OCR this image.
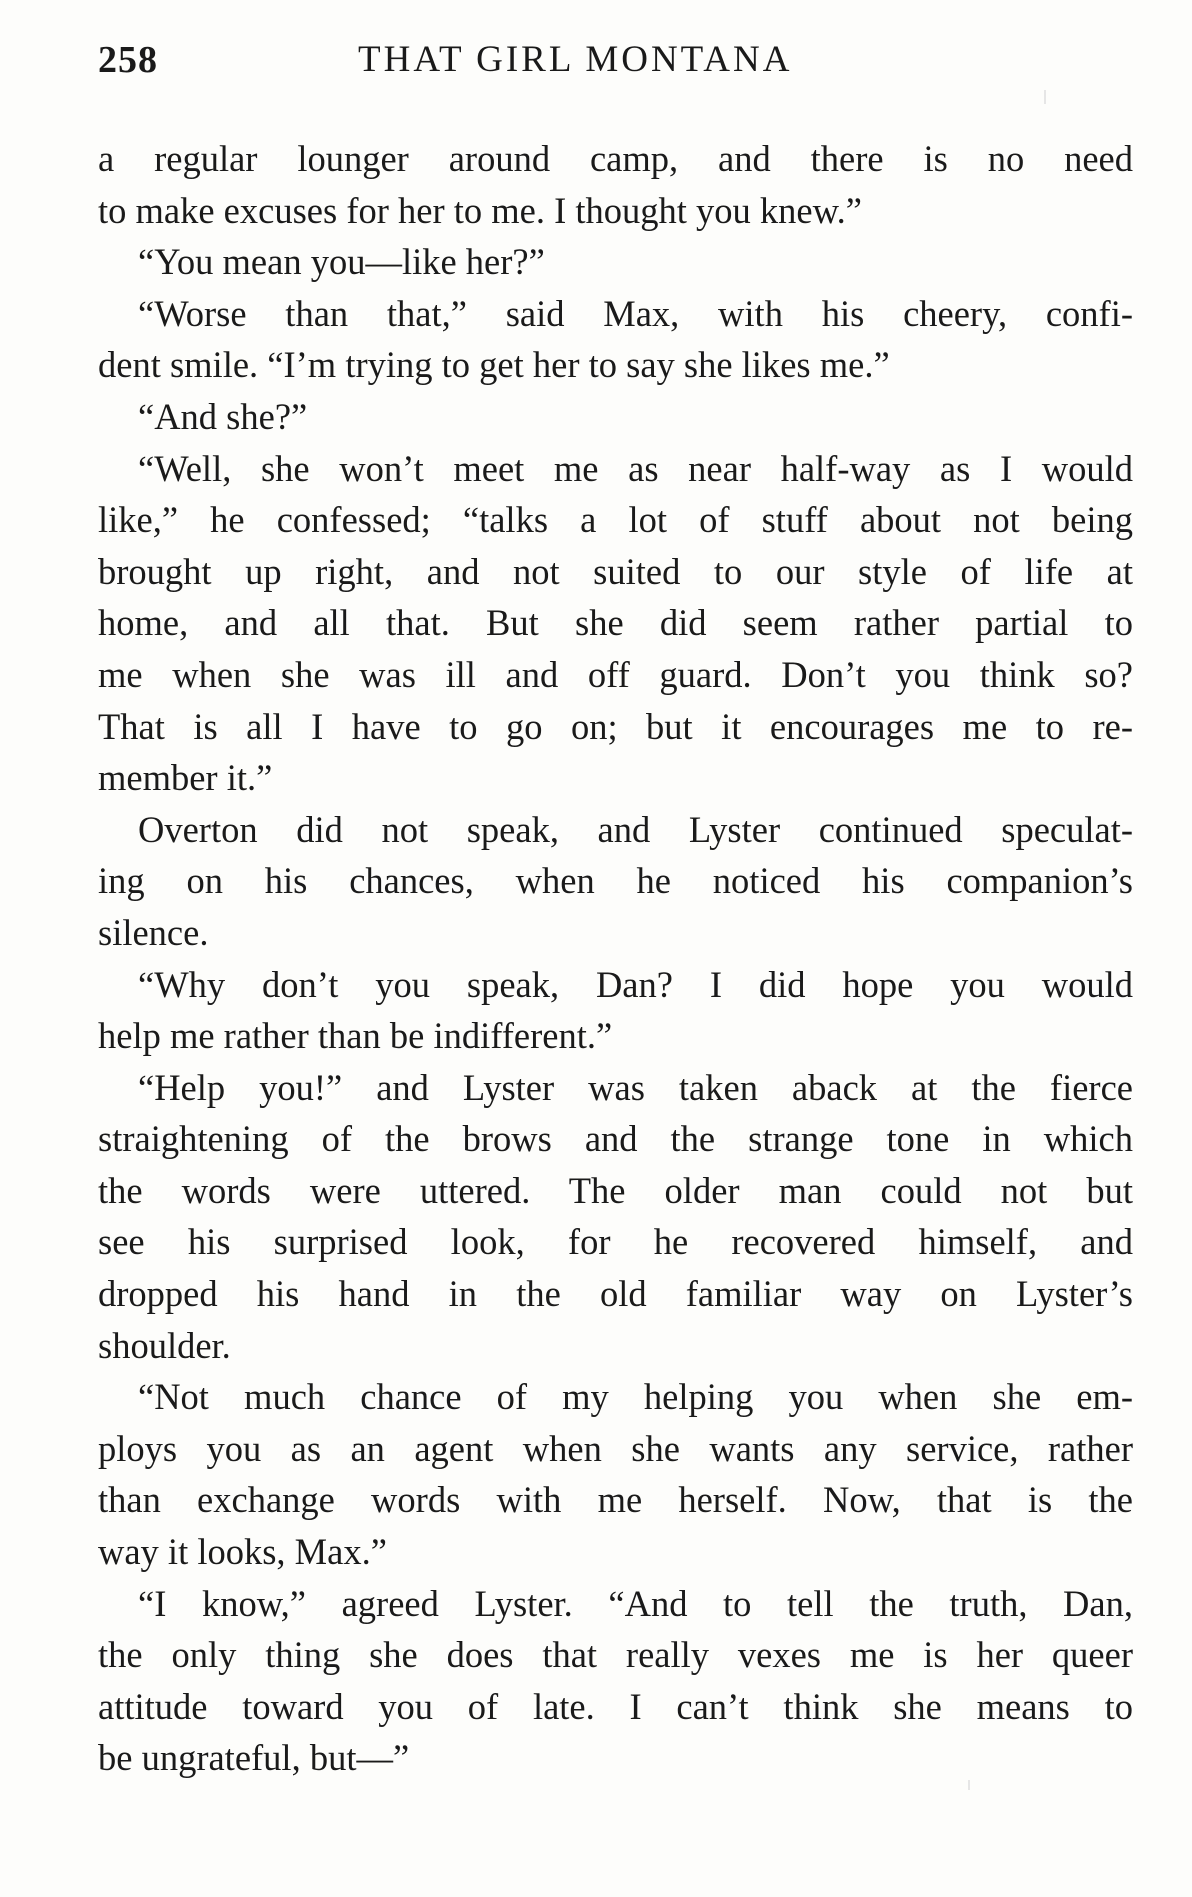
258	THAT GIRL MONTANA
a regular lounger around camp, and there is no need
to make excuses for her to me. I thought you knew.”
“You mean you—like her?”
“Worse than that,” said Max, with his cheery, confi-
dent smile. “I’m trying to get her to say she likes me.”
“And she?”
“Well, she won’t meet me as near half-way as I would
like,” he confessed; “talks a lot of stuff about not being
brought up right, and not suited to our style of life at
home, and all that. But she did seem rather partial to
me when she was ill and off guard. Don’t you think so?
That is all I have to go on; but it encourages me to re-
member it.”
Overton did not speak, and Lyster continued speculat-
ing on his chances, when he noticed his companion’s
silence.
“Why don’t you speak, Dan? I did hope you would
help me rather than be indifferent.”
“Help you!” and Lyster was taken aback at the fierce
straightening of the brows and the strange tone in which
the words were uttered. The older man could not but
see his surprised look, for he recovered himself, and
dropped his hand in the old familiar way on Lyster’s
shoulder.
“Not much chance of my helping you when she em-
ploys you as an agent when she wants any service, rather
than exchange words with me herself. Now, that is the
way it looks, Max.”
“I know,” agreed Lyster. “And to tell the truth, Dan,
the only thing she does that really vexes me is her queer
attitude toward you of late. I can’t think she means to
be ungrateful, but—”
